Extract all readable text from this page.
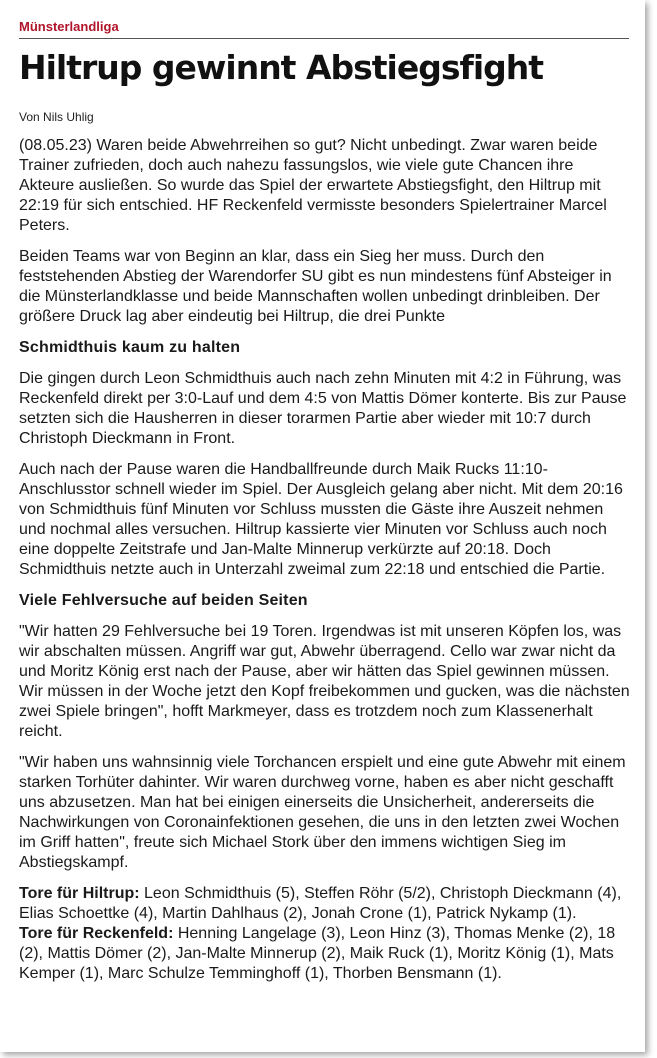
Münsterlandliga
Hiltrup gewinnt Abstiegsfight
Von Nils Uhlig

(08.05.23) Waren beide Abwehrreihen so gut? Nicht unbedingt. Zwar waren beide Trainer zufrieden, doch auch nahezu fassungslos, wie viele gute Chancen ihre Akteure ausließen. So wurde das Spiel der erwartete Abstiegsfight, den Hiltrup mit 22:19 für sich entschied. HF Reckenfeld vermisste besonders Spielertrainer Marcel Peters.

Beiden Teams war von Beginn an klar, dass ein Sieg her muss. Durch den feststehenden Abstieg der Warendorfer SU gibt es nun mindestens fünf Absteiger in die Münsterlandklasse und beide Mannschaften wollen unbedingt drinbleiben. Der größere Druck lag aber eindeutig bei Hiltrup, die drei Punkte

Schmidthuis kaum zu halten

Die gingen durch Leon Schmidthuis auch nach zehn Minuten mit 4:2 in Führung, was Reckenfeld direkt per 3:0-Lauf und dem 4:5 von Mattis Dömer konterte. Bis zur Pause setzten sich die Hausherren in dieser torarmen Partie aber wieder mit 10:7 durch Christoph Dieckmann in Front.

Auch nach der Pause waren die Handballfreunde durch Maik Rucks 11:10-Anschlusstor schnell wieder im Spiel. Der Ausgleich gelang aber nicht. Mit dem 20:16 von Schmidthuis fünf Minuten vor Schluss mussten die Gäste ihre Auszeit nehmen und nochmal alles versuchen. Hiltrup kassierte vier Minuten vor Schluss auch noch eine doppelte Zeitstrafe und Jan-Malte Minnerup verkürzte auf 20:18. Doch Schmidthuis netzte auch in Unterzahl zweimal zum 22:18 und entschied die Partie.

Viele Fehlversuche auf beiden Seiten

"Wir hatten 29 Fehlversuche bei 19 Toren. Irgendwas ist mit unseren Köpfen los, was wir abschalten müssen. Angriff war gut, Abwehr überragend. Cello war zwar nicht da und Moritz König erst nach der Pause, aber wir hätten das Spiel gewinnen müssen. Wir müssen in der Woche jetzt den Kopf freibekommen und gucken, was die nächsten zwei Spiele bringen", hofft Markmeyer, dass es trotzdem noch zum Klassenerhalt reicht.

"Wir haben uns wahnsinnig viele Torchancen erspielt und eine gute Abwehr mit einem starken Torhüter dahinter. Wir waren durchweg vorne, haben es aber nicht geschafft uns abzusetzen. Man hat bei einigen einerseits die Unsicherheit, andererseits die Nachwirkungen von Coronainfektionen gesehen, die uns in den letzten zwei Wochen im Griff hatten", freute sich Michael Stork über den immens wichtigen Sieg im Abstiegskampf.

Tore für Hiltrup: Leon Schmidthuis (5), Steffen Röhr (5/2), Christoph Dieckmann (4), Elias Schoettke (4), Martin Dahlhaus (2), Jonah Crone (1), Patrick Nykamp (1).

Tore für Reckenfeld: Henning Langelage (3), Leon Hinz (3), Thomas Menke (2), 18 (2), Mattis Dömer (2), Jan-Malte Minnerup (2), Maik Ruck (1), Moritz König (1), Mats Kemper (1), Marc Schulze Temminghoff (1), Thorben Bensmann (1).
